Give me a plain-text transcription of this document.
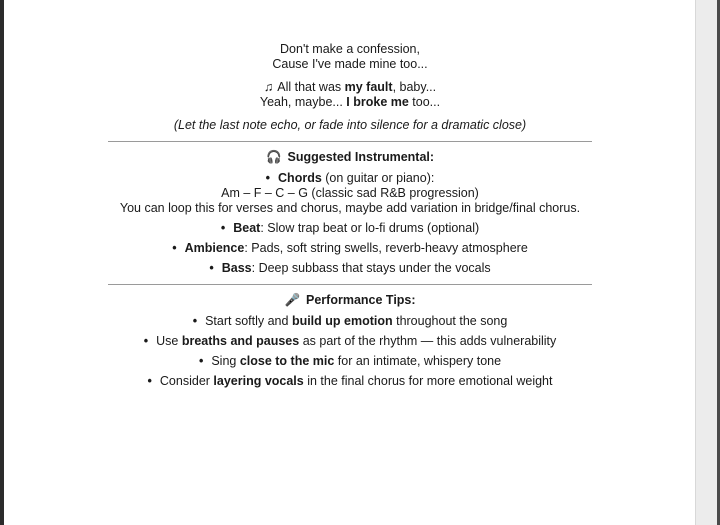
Don't make a confession,

Cause I've made mine too...

♫ All that was my fault, baby...

Yeah, maybe... I broke me too...

(Let the last note echo, or fade into silence for a dramatic close)

🎧 Suggested Instrumental:
• Chords (on guitar or piano):
Am – F – C – G (classic sad R&B progression)
You can loop this for verses and chorus, maybe add variation in bridge/final chorus.
• Beat: Slow trap beat or lo-fi drums (optional)
• Ambience: Pads, soft string swells, reverb-heavy atmosphere
• Bass: Deep subbass that stays under the vocals
🎤 Performance Tips:
• Start softly and build up emotion throughout the song
• Use breaths and pauses as part of the rhythm — this adds vulnerability
• Sing close to the mic for an intimate, whispery tone
• Consider layering vocals in the final chorus for more emotional weight
